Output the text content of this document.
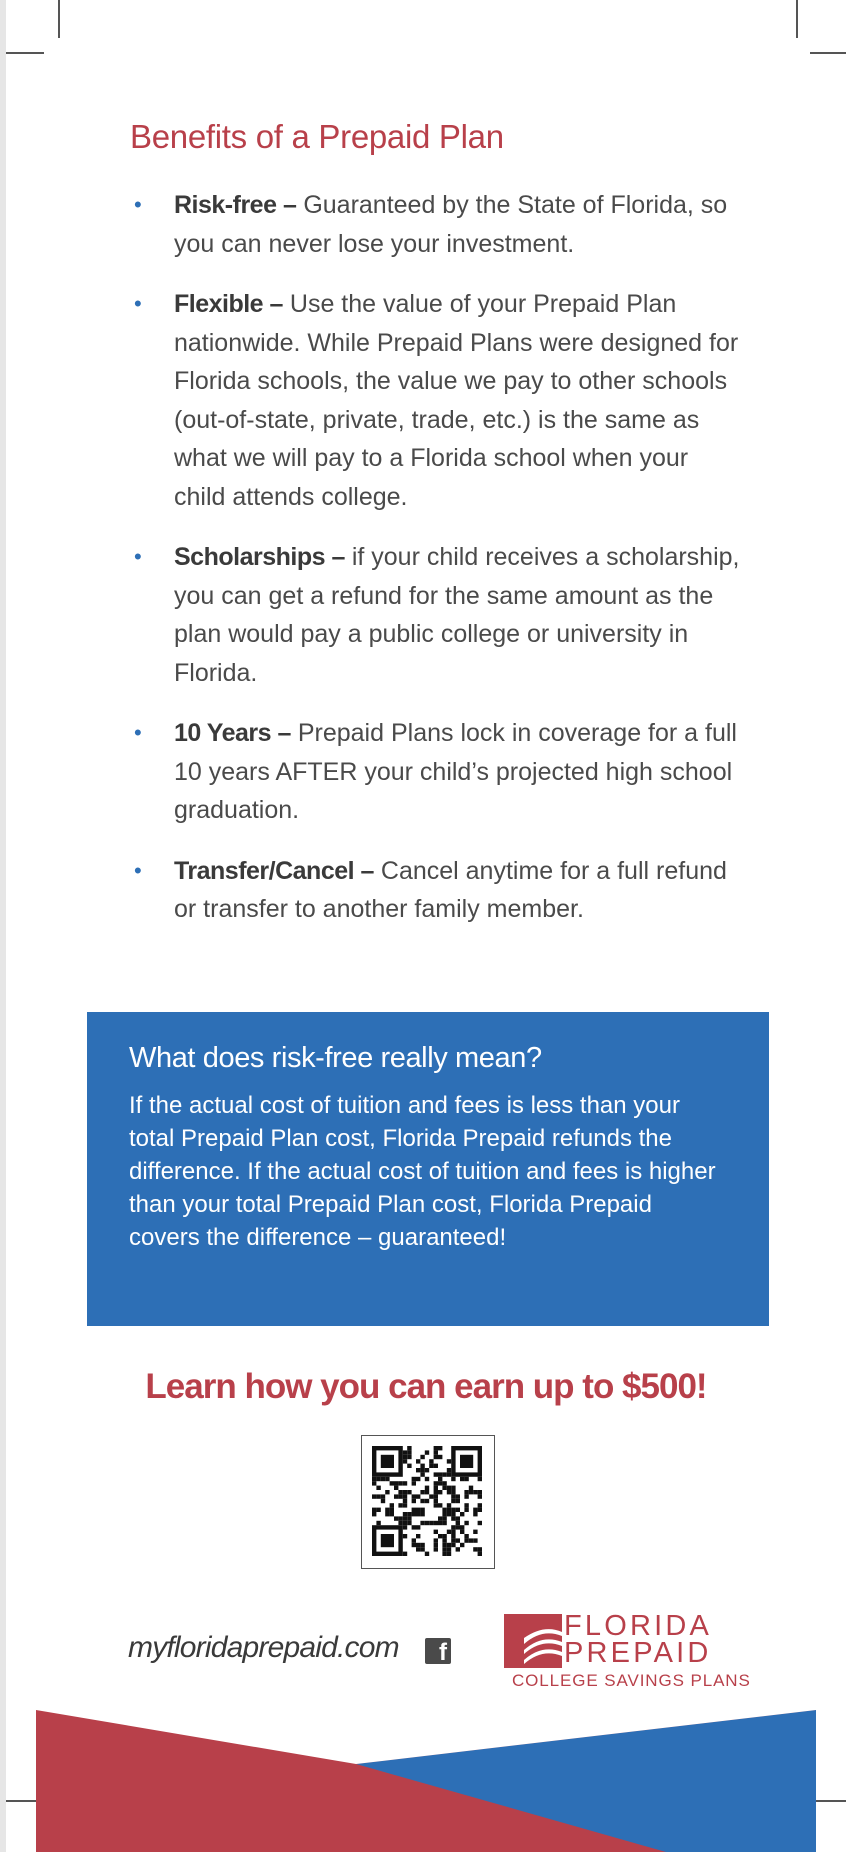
Benefits of a Prepaid Plan
• Risk-free – Guaranteed by the State of Florida, so you can never lose your investment.
• Flexible – Use the value of your Prepaid Plan nationwide. While Prepaid Plans were designed for Florida schools, the value we pay to other schools (out-of-state, private, trade, etc.) is the same as what we will pay to a Florida school when your child attends college.
• Scholarships – if your child receives a scholarship, you can get a refund for the same amount as the plan would pay a public college or university in Florida.
• 10 Years – Prepaid Plans lock in coverage for a full 10 years AFTER your child’s projected high school graduation.
• Transfer/Cancel – Cancel anytime for a full refund or transfer to another family member.
What does risk-free really mean?

If the actual cost of tuition and fees is less than your total Prepaid Plan cost, Florida Prepaid refunds the difference. If the actual cost of tuition and fees is higher than your total Prepaid Plan cost, Florida Prepaid covers the difference – guaranteed!

Learn how you can earn up to $500!
myfloridaprepaid.com	f
FLORIDA
PREPAID
COLLEGE SAVINGS PLANS
